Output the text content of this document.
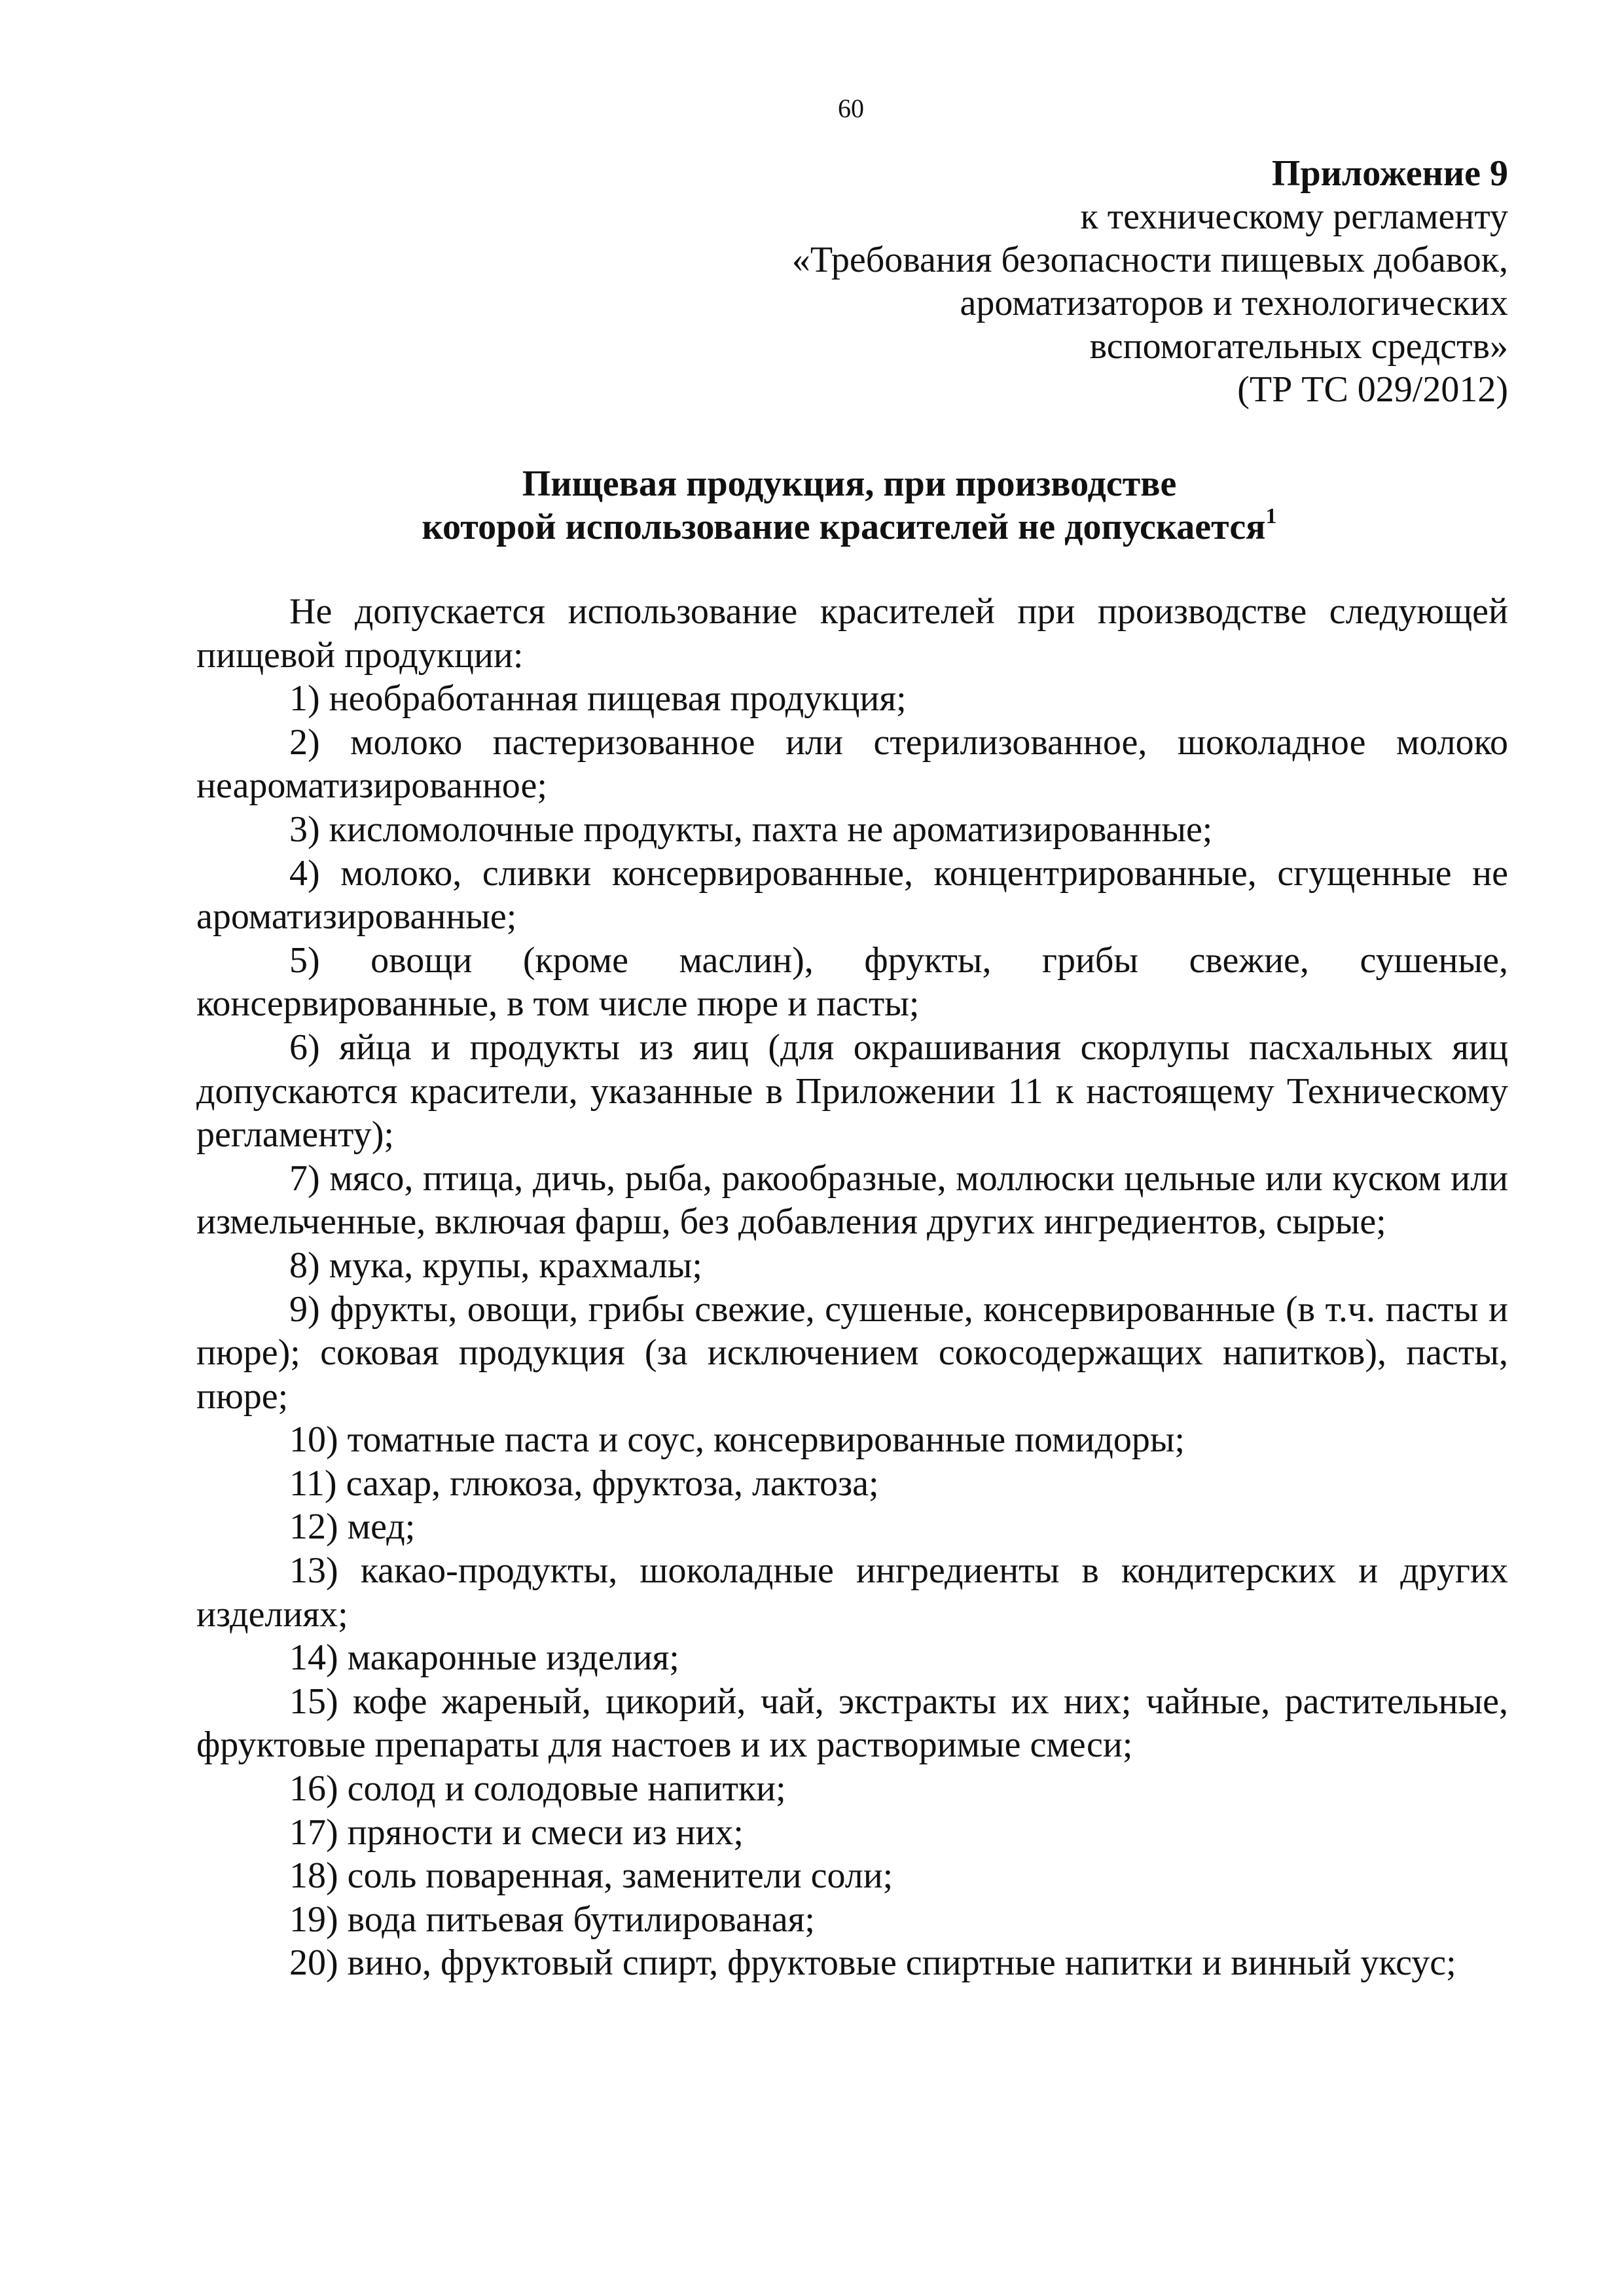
60
Приложение 9
к техническому регламенту
«Требования безопасности пищевых добавок,
ароматизаторов и технологических
вспомогательных средств»
(ТР ТС 029/2012)
Пищевая продукция, при производстве
которой использование красителей не допускается$^1$

Не допускается использование красителей при производстве следующей пищевой продукции:

1) необработанная пищевая продукция;

2) молоко пастеризованное или стерилизованное, шоколадное молоко неароматизированное;

3) кисломолочные продукты, пахта не ароматизированные;

4) молоко, сливки консервированные, концентрированные, сгущенные не ароматизированные;

5) овощи (кроме маслин), фрукты, грибы свежие, сушеные, консервированные, в том числе пюре и пасты;

6) яйца и продукты из яиц (для окрашивания скорлупы пасхальных яиц допускаются красители, указанные в Приложении 11 к настоящему Техническому регламенту);

7) мясо, птица, дичь, рыба, ракообразные, моллюски цельные или куском или измельченные, включая фарш, без добавления других ингредиентов, сырые;

8) мука, крупы, крахмалы;

9) фрукты, овощи, грибы свежие, сушеные, консервированные (в т.ч. пасты и пюре); соковая продукция (за исключением сокосодержащих напитков), пасты, пюре;

10) томатные паста и соус, консервированные помидоры;

11) сахар, глюкоза, фруктоза, лактоза;

12) мед;

13) какао-продукты, шоколадные ингредиенты в кондитерских и других изделиях;

14) макаронные изделия;

15) кофе жареный, цикорий, чай, экстракты их них; чайные, растительные, фруктовые препараты для настоев и их растворимые смеси;

16) солод и солодовые напитки;

17) пряности и смеси из них;

18) соль поваренная, заменители соли;

19) вода питьевая бутилированая;

20) вино, фруктовый спирт, фруктовые спиртные напитки и винный уксус;
